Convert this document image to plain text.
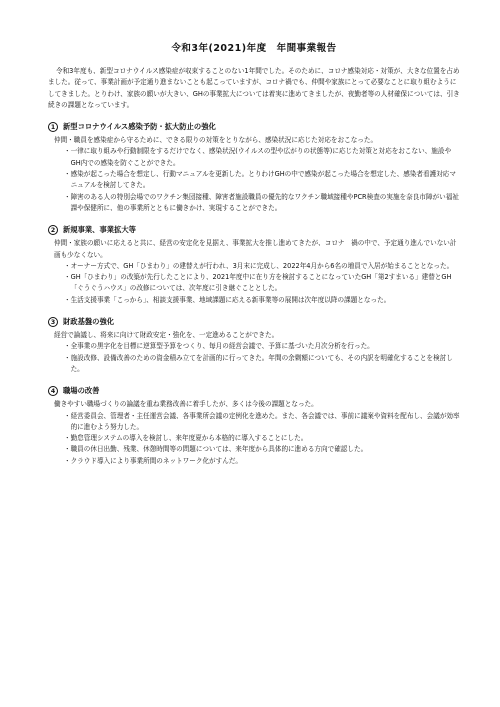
令和3年(2021)年度　年間事業報告

令和3年度も、新型コロナウイルス感染症が収束することのない1年間でした。そのために、コロナ感染対応・対策が、大きな位置を占めました。従って、事業計画が予定通り進まないことも起こっていますが、コロナ禍でも、仲間や家族にとって必要なことに取り組むようにしてきました。とりわけ、家族の願いが大きい、GHの事業拡大については着実に進めてきましたが、夜勤者等の人材確保については、引き続きの課題となっています。

1	新型コロナウイルス感染予防・拡大防止の強化

仲間・職員を感染症から守るために、できる限りの対策をとりながら、感染状況に応じた対応をおこなった。

・ 一律に取り組みや行動制限をするだけでなく、感染状況(ウイルスの型や広がりの状態等)に応じた対策と対応をおこない、施設やGH内での感染を防ぐことができた。
・ 感染が起こった場合を想定し、行動マニュアルを更新した。とりわけGHの中で感染が起こった場合を想定した、感染者看護対応マニュアルを検討してきた。
・ 障害のある人の特別会場でのワクチン集団接種、障害者施設職員の優先的なワクチン職域接種やPCR検査の実施を奈良市障がい福祉課や保健所に、他の事業所とともに働きかけ、実現することができた。
2	新規事業、事業拡大等

仲間・家族の願いに応えると共に、経営の安定化を見据え、事業拡大を推し進めてきたが、コロナ　禍の中で、予定通り進んでいない計画も少なくない。

・ オーナー方式で、GH「ひまわり」の建替えが行われ、3月末に完成し、2022年4月から6名の増員で入居が始まることとなった。
・ GH「ひまわり」の改築が先行したことにより、2021年度中に在り方を検討することになっていたGH「第2すまいる」建替とGH「ぐうぐうハウス」の改修については、次年度に引き継ぐこととした。
・ 生活支援事業「こっから」、相談支援事業、地域課題に応える新事業等の展開は次年度以降の課題となった。
3	財政基盤の強化

経営で論議し、将来に向けて財政安定・強化を、一定進めることができた。

・ 全事業の黒字化を目標に逆算型予算をつくり、毎月の経営会議で、予算に基づいた月次分析を行った。
・ 施設改修、設備改善のための資金積み立てを計画的に行ってきた。年間の余剰額についても、その内訳を明確化することを検討した。
4	職場の改善

働きやすい職場づくりの論議を重ね業務改善に着手したが、多くは今後の課題となった。

・ 経営委員会、管理者・主任運営会議、各事業所会議の定例化を進めた。また、各会議では、事前に議案や資料を配布し、会議が効率的に進むよう努力した。
・ 勤怠管理システムの導入を検討し、来年度夏から本格的に導入することにした。
・ 職員の休日出勤、残業、休憩時間等の問題については、来年度から具体的に進める方向で確認した。
・ クラウド導入により事業所間のネットワーク化がすんだ。
